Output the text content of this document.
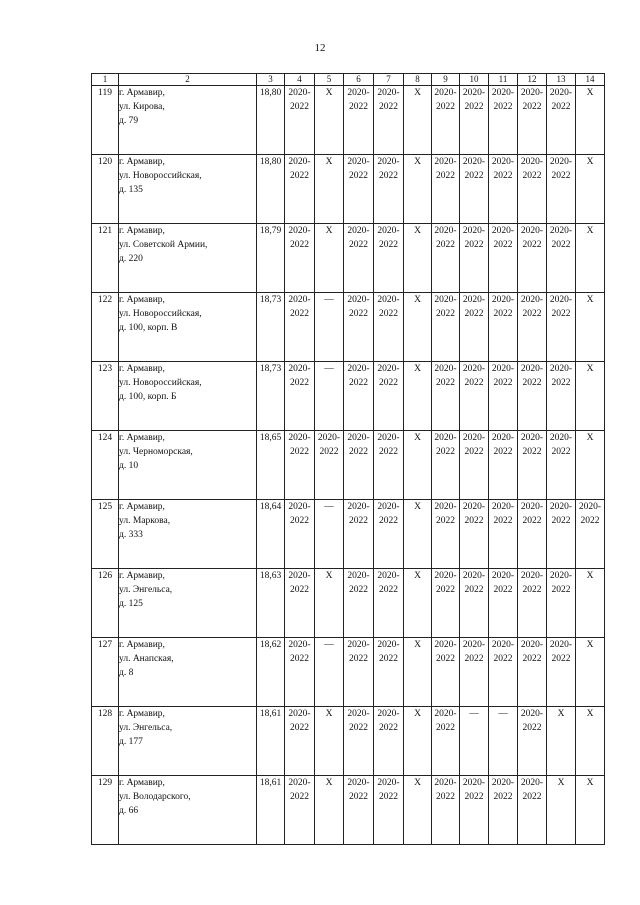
12
1	2	3	4	5	6	7	8	9	10	11	12	13	14
119	г. Армавир,
ул. Кирова,
д. 79	18,80	2020-
2022	X	2020-
2022	2020-
2022	X	2020-
2022	2020-
2022	2020-
2022	2020-
2022	2020-
2022	X
120	г. Армавир,
ул. Новороссийская,
д. 135	18,80	2020-
2022	X	2020-
2022	2020-
2022	X	2020-
2022	2020-
2022	2020-
2022	2020-
2022	2020-
2022	X
121	г. Армавир,
ул. Советской Армии,
д. 220	18,79	2020-
2022	X	2020-
2022	2020-
2022	X	2020-
2022	2020-
2022	2020-
2022	2020-
2022	2020-
2022	X
122	г. Армавир,
ул. Новороссийская,
д. 100, корп. В	18,73	2020-
2022	—	2020-
2022	2020-
2022	X	2020-
2022	2020-
2022	2020-
2022	2020-
2022	2020-
2022	X
123	г. Армавир,
ул. Новороссийская,
д. 100, корп. Б	18,73	2020-
2022	—	2020-
2022	2020-
2022	X	2020-
2022	2020-
2022	2020-
2022	2020-
2022	2020-
2022	X
124	г. Армавир,
ул. Черноморская,
д. 10	18,65	2020-
2022	2020-
2022	2020-
2022	2020-
2022	X	2020-
2022	2020-
2022	2020-
2022	2020-
2022	2020-
2022	X
125	г. Армавир,
ул. Маркова,
д. 333	18,64	2020-
2022	—	2020-
2022	2020-
2022	X	2020-
2022	2020-
2022	2020-
2022	2020-
2022	2020-
2022	2020-
2022
126	г. Армавир,
ул. Энгельса,
д. 125	18,63	2020-
2022	X	2020-
2022	2020-
2022	X	2020-
2022	2020-
2022	2020-
2022	2020-
2022	2020-
2022	X
127	г. Армавир,
ул. Анапская,
д. 8	18,62	2020-
2022	—	2020-
2022	2020-
2022	X	2020-
2022	2020-
2022	2020-
2022	2020-
2022	2020-
2022	X
128	г. Армавир,
ул. Энгельса,
д. 177	18,61	2020-
2022	X	2020-
2022	2020-
2022	X	2020-
2022	—	—	2020-
2022	X	X
129	г. Армавир,
ул. Володарского,
д. 66	18,61	2020-
2022	X	2020-
2022	2020-
2022	X	2020-
2022	2020-
2022	2020-
2022	2020-
2022	X	X
